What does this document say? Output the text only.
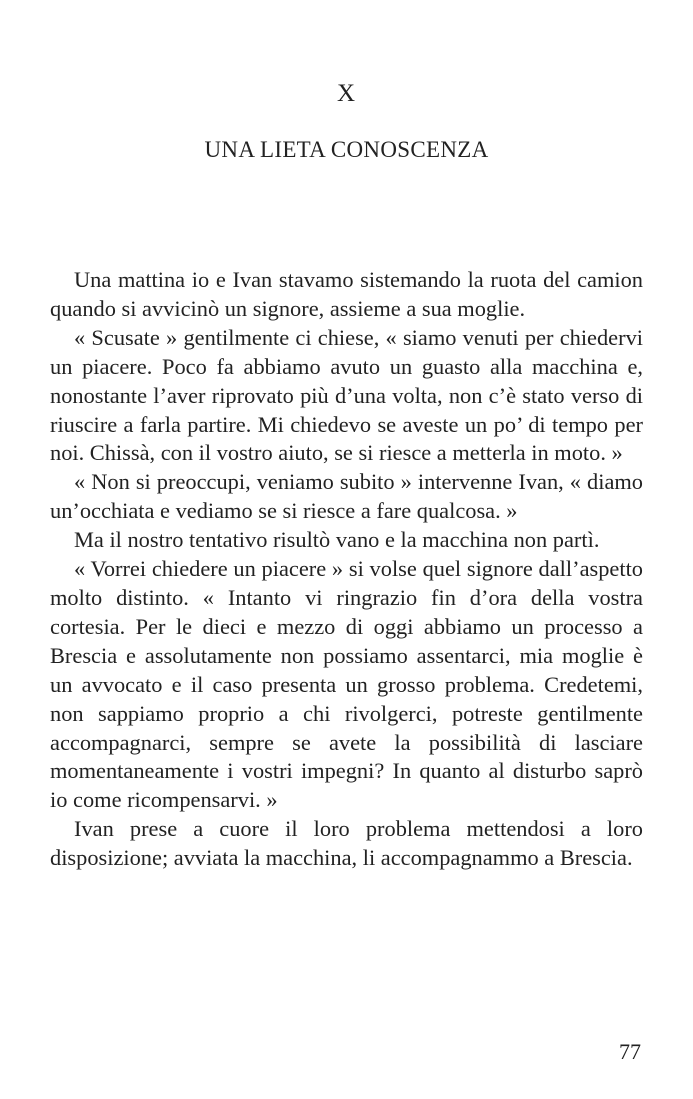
X
UNA LIETA CONOSCENZA

Una mattina io e Ivan stavamo sistemando la ruota del camion quando si avvicinò un signore, assieme a sua moglie.

« Scusate » gentilmente ci chiese, « siamo venuti per chiedervi un piacere. Poco fa abbiamo avuto un guasto alla macchina e, nonostante l’aver riprovato più d’una volta, non c’è stato verso di riuscire a farla partire. Mi chiedevo se aveste un po’ di tempo per noi. Chissà, con il vostro aiuto, se si riesce a metterla in moto. »

« Non si preoccupi, veniamo subito » intervenne Ivan, « diamo un’occhiata e vediamo se si riesce a fare qualcosa. »

Ma il nostro tentativo risultò vano e la macchina non partì.

« Vorrei chiedere un piacere » si volse quel signore dall’aspetto molto distinto. « Intanto vi ringrazio fin d’ora della vostra cortesia. Per le dieci e mezzo di oggi abbiamo un processo a Brescia e assolutamente non possiamo assentarci, mia moglie è un avvocato e il caso presenta un grosso problema. Credetemi, non sappiamo proprio a chi rivolgerci, potreste gentilmente accompagnarci, sempre se avete la possibilità di lasciare momentaneamente i vostri impegni? In quanto al disturbo saprò io come ricompensarvi. »

Ivan prese a cuore il loro problema mettendosi a loro disposizione; avviata la macchina, li accompagnammo a Brescia.

77
